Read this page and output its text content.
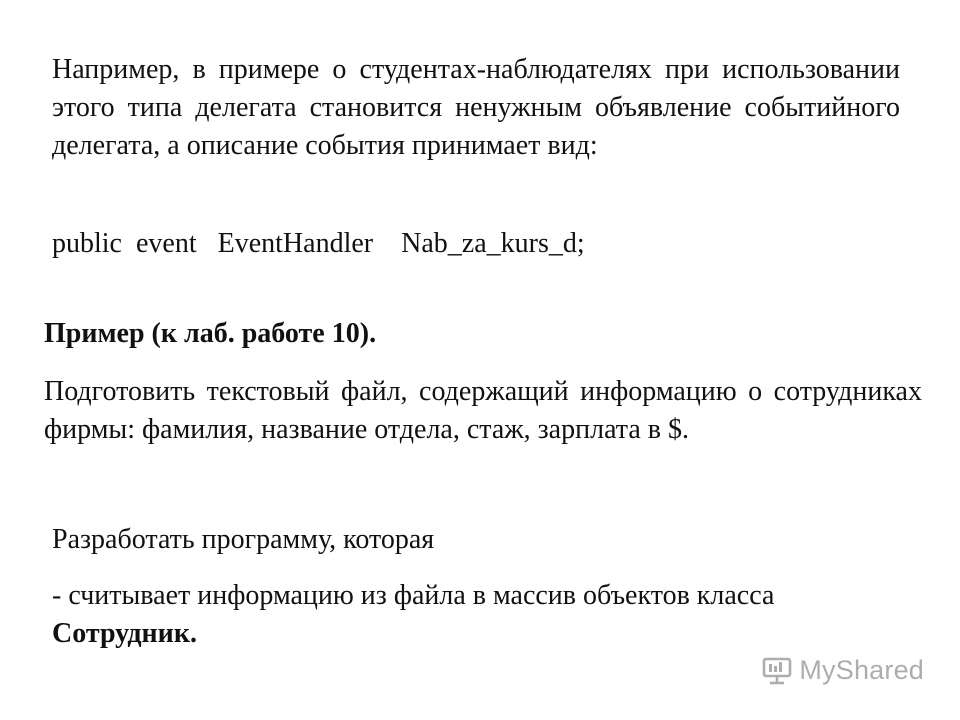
Например, в примере о студентах-наблюдателях при использовании этого типа делегата становится ненужным объявление событийного делегата, а описание события принимает вид:
public  event   EventHandler    Nab_za_kurs_d;
Пример (к лаб. работе 10).
Подготовить текстовый файл, содержащий информацию о сотрудниках фирмы: фамилия, название отдела, стаж, зарплата в $.
Разработать программу, которая
- считывает информацию из файла в массив объектов класса Сотрудник.
MyShared
